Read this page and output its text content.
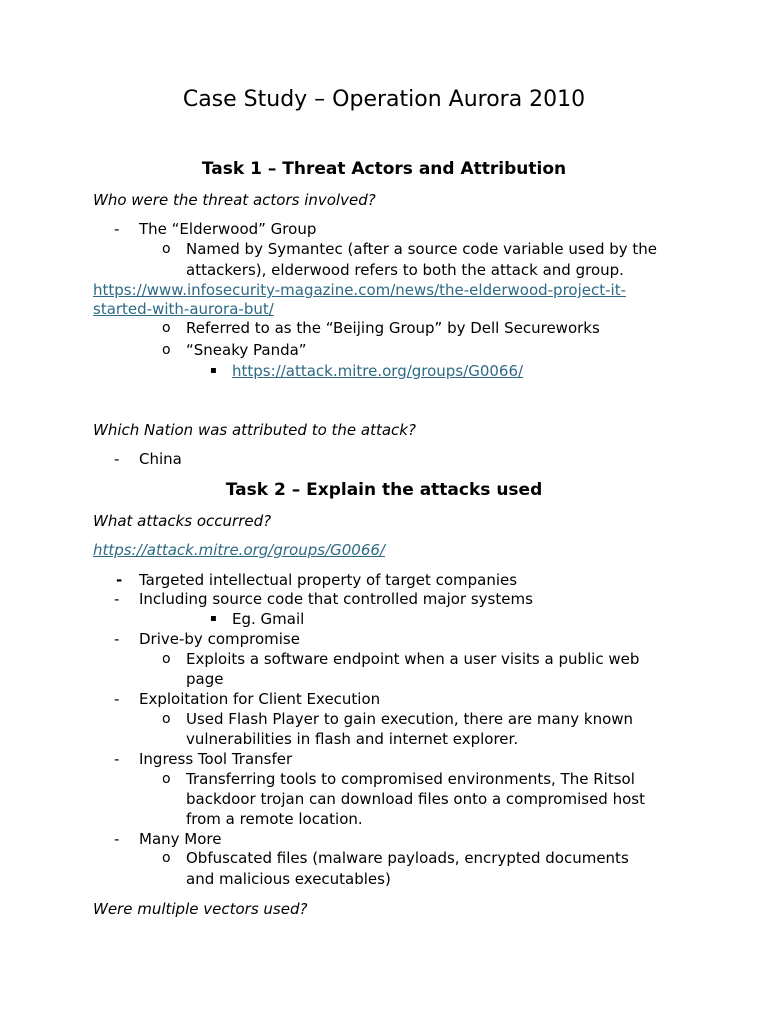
Case Study – Operation Aurora 2010
Task 1 – Threat Actors and Attribution
Who were the threat actors involved?
- The “Elderwood” Group
o Named by Symantec (after a source code variable used by the
attackers), elderwood refers to both the attack and group.
https://www.infosecurity-magazine.com/news/the-elderwood-project-it-
started-with-aurora-but/
o Referred to as the “Beijing Group” by Dell Secureworks
o “Sneaky Panda”
▪ https://attack.mitre.org/groups/G0066/
Which Nation was attributed to the attack?
- China
Task 2 – Explain the attacks used
What attacks occurred?
https://attack.mitre.org/groups/G0066/
- Targeted intellectual property of target companies
- Including source code that controlled major systems
▪ Eg. Gmail
- Drive-by compromise
o Exploits a software endpoint when a user visits a public web
page
- Exploitation for Client Execution
o Used Flash Player to gain execution, there are many known
vulnerabilities in flash and internet explorer.
- Ingress Tool Transfer
o Transferring tools to compromised environments, The Ritsol
backdoor trojan can download files onto a compromised host
from a remote location.
- Many More
o Obfuscated files (malware payloads, encrypted documents
and malicious executables)
Were multiple vectors used?
